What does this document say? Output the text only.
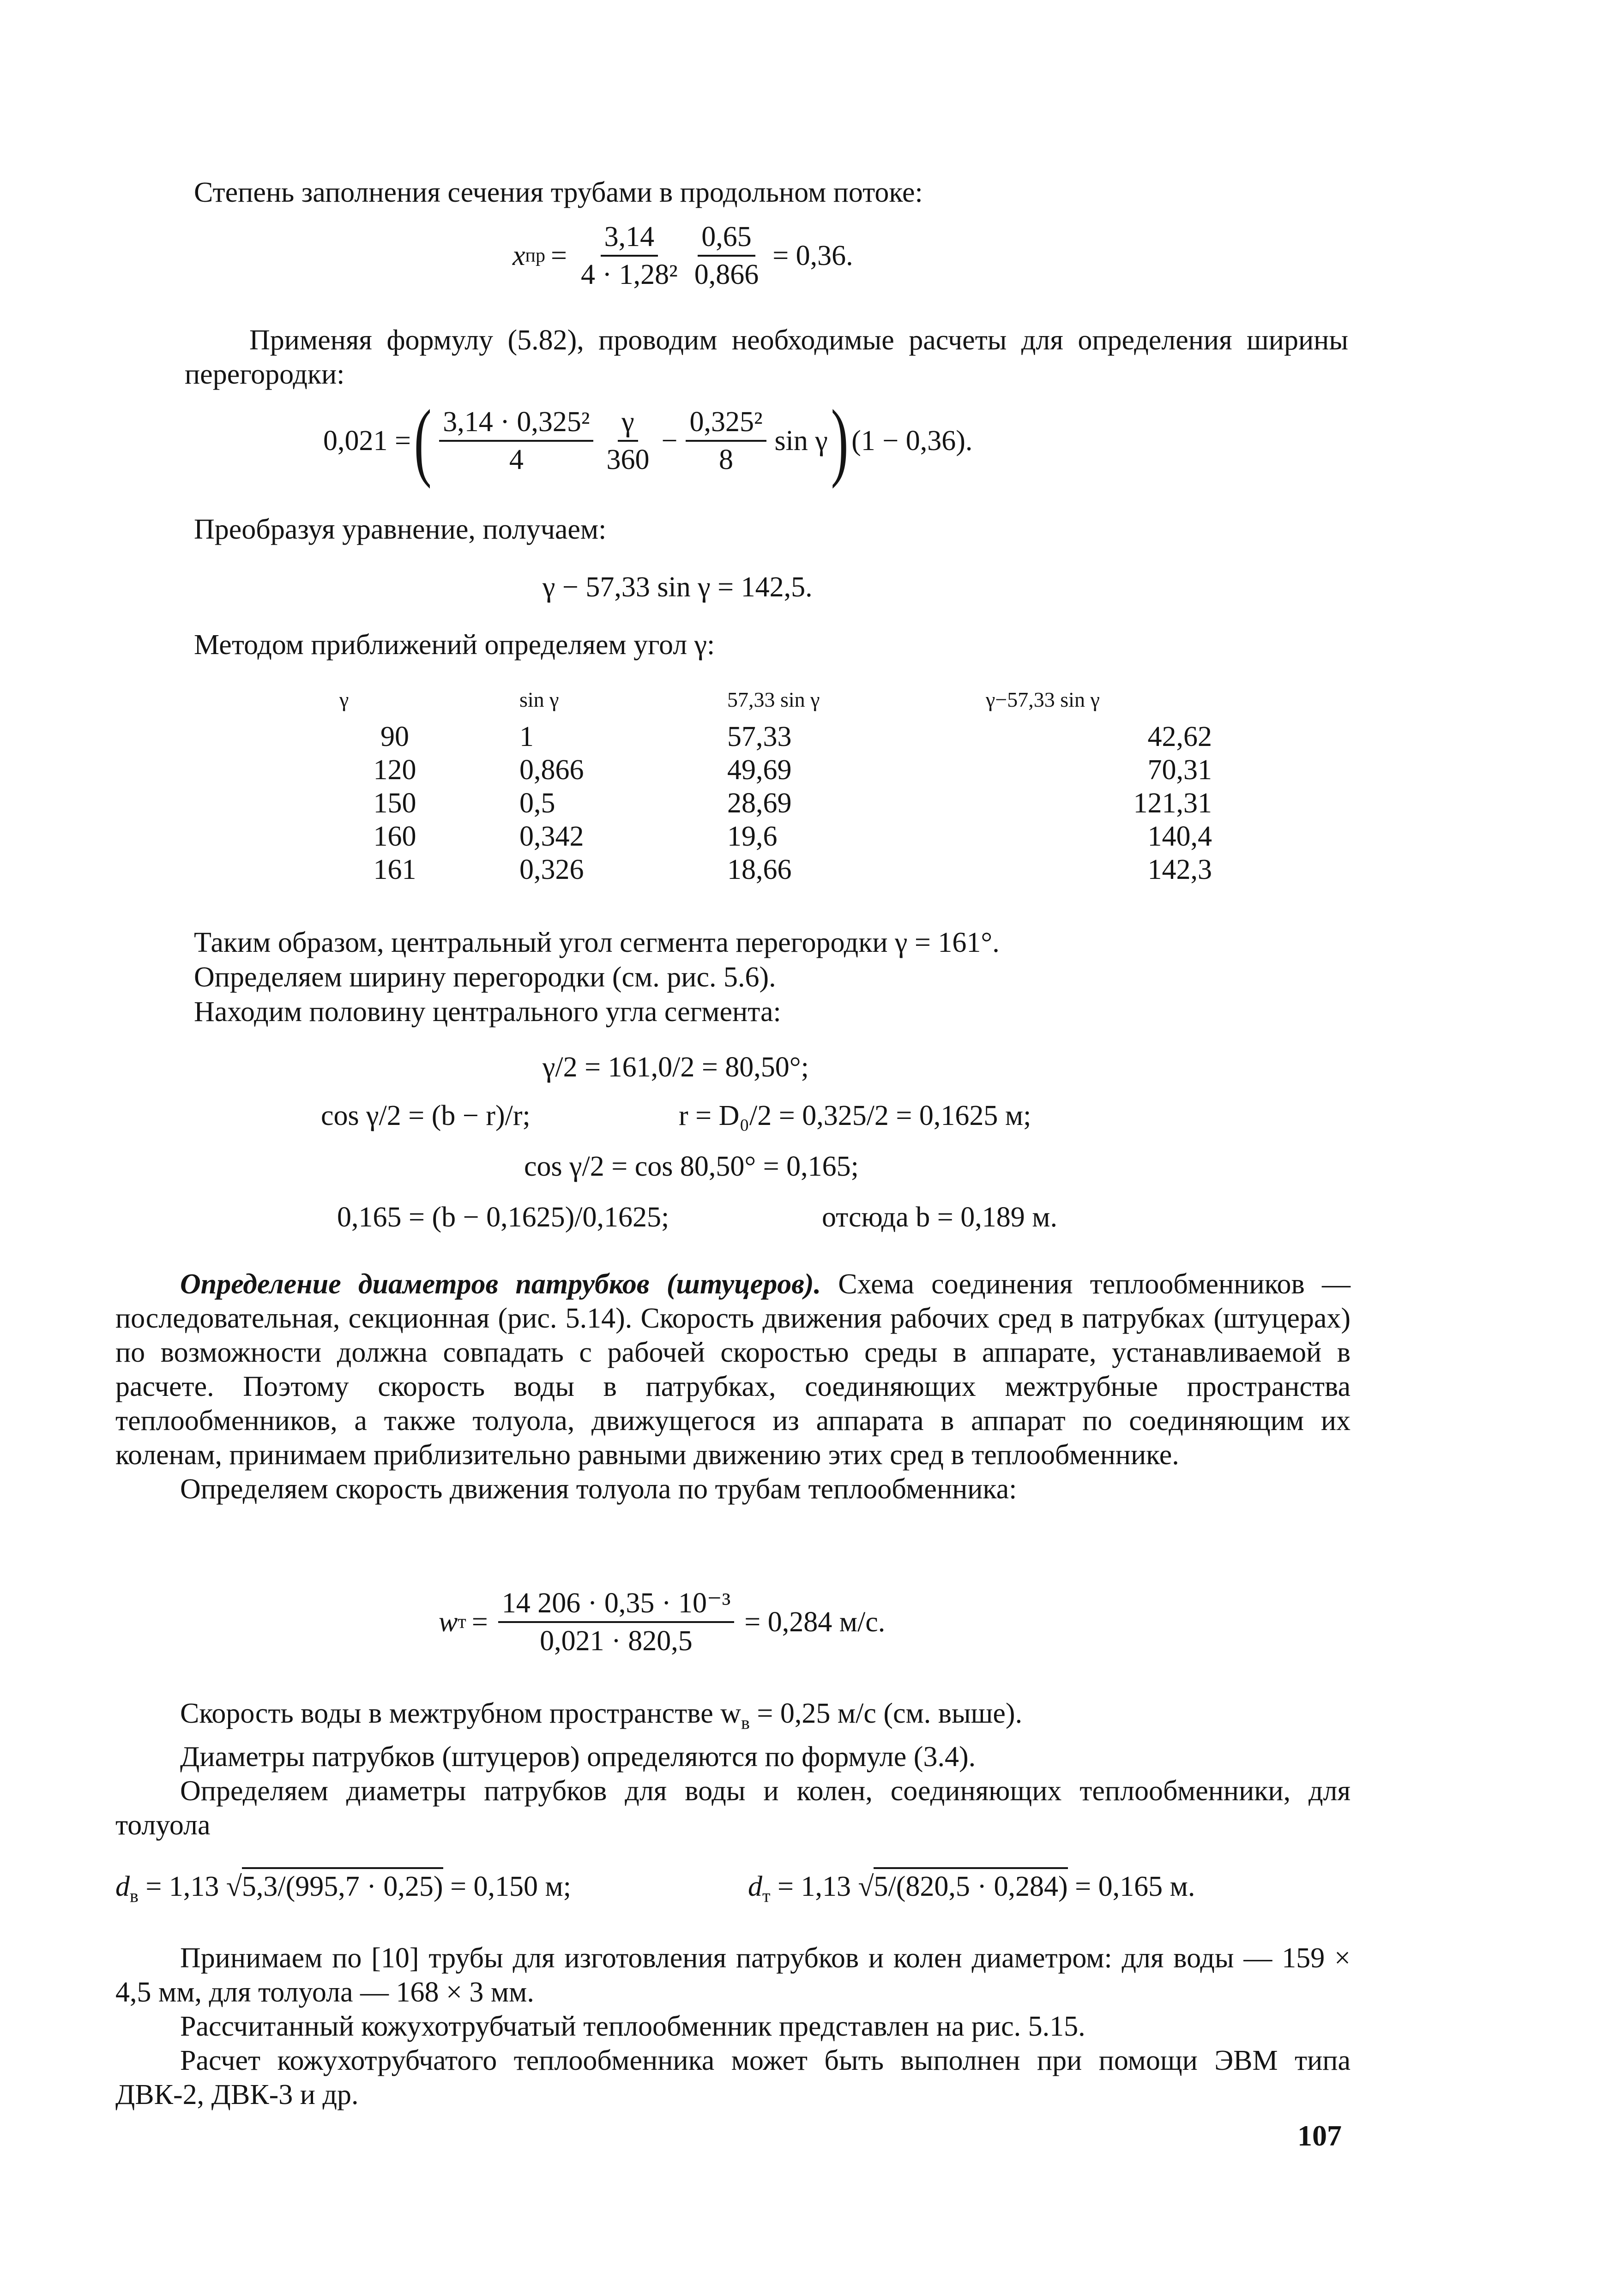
Степень заполнения сечения трубами в продольном потоке:
x пр = $\frac{3,14}{\text{4 · 1,28²}} \frac{0,65}{0,866} = 0,36$.

Применяя формулу (5.82), проводим необходимые расчеты для определения ширины перегородки:

0,021 = ( $\frac{\text{3,14 · 0,325²}}{4} \frac{\gamma}{360} - \frac{\text{0,325²}}{8}$ sin γ ) (1 − 0,36).
Преобразуя уравнение, получаем:
γ − 57,33 sin γ = 142,5.
Методом приближений определяем угол γ:
γ	sin γ	57,33 sin γ	γ−57,33 sin γ
90	1	57,33	42,62
120	0,866	49,69	70,31
150	0,5	28,69	121,31
160	0,342	19,6	140,4
161	0,326	18,66	142,3
Таким образом, центральный угол сегмента перегородки γ = 161°.
Определяем ширину перегородки (см. рис. 5.6).
Находим половину центрального угла сегмента:
γ/2 = 161,0/2 = 80,50°;
cos γ/2 = (b − r)/r;	r = D₀/2 = 0,325/2 = 0,1625 м;
cos γ/2 = cos 80,50° = 0,165;
0,165 = (b − 0,1625)/0,1625;	отсюда b = 0,189 м.

Определение диаметров патрубков (штуцеров). Схема соединения теплообменников — последовательная, секционная (рис. 5.14). Скорость движения рабочих сред в патрубках (штуцерах) по возможности должна совпадать с рабочей скоростью среды в аппарате, устанавливаемой в расчете. Поэтому скорость воды в патрубках, соединяющих межтрубные пространства теплообменников, а также толуола, движущегося из аппарата в аппарат по соединяющим их коленам, принимаем приблизительно равными движению этих сред в теплообменнике.

Определяем скорость движения толуола по трубам теплообменника:

w $т = \frac{\text{14 206 · 0,35 · 10⁻³}}{0,021 \cdot 820,5} = 0,284$ м/с.

Скорость воды в межтрубном пространстве $w_в = 0,25$ м/с (см. выше).

Диаметры патрубков (штуцеров) определяются по формуле (3.4).

Определяем диаметры патрубков для воды и колен, соединяющих теплообменники, для толуола

$d_в = 1,13$ √5,3/(995,7 · 0,25) = 0,150 м;	$d_т = 1,13$ √5/(820,5 · 0,284) = 0,165 м.

Принимаем по [10] трубы для изготовления патрубков и колен диаметром: для воды — 159 × 4,5 мм, для толуола — 168 × 3 мм.

Рассчитанный кожухотрубчатый теплообменник представлен на рис. 5.15.

Расчет кожухотрубчатого теплообменника может быть выполнен при помощи ЭВМ типа ДВК-2, ДВК-3 и др.

107
